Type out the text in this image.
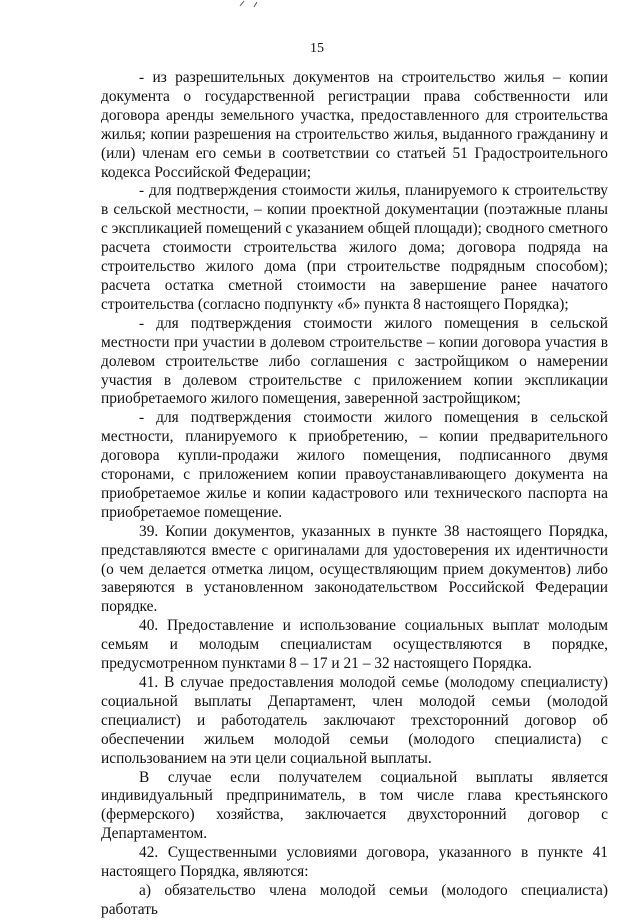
15

- из разрешительных документов на строительство жилья – копии документа о государственной регистрации права собственности или договора аренды земельного участка, предоставленного для строительства жилья; копии разрешения на строительство жилья, выданного гражданину и (или) членам его семьи в соответствии со статьей 51 Градостроительного кодекса Российской Федерации;

- для подтверждения стоимости жилья, планируемого к строительству в сельской местности, – копии проектной документации (поэтажные планы с экспликацией помещений с указанием общей площади); сводного сметного расчета стоимости строительства жилого дома; договора подряда на строительство жилого дома (при строительстве подрядным способом); расчета остатка сметной стоимости на завершение ранее начатого строительства (согласно подпункту «б» пункта 8 настоящего Порядка);

- для подтверждения стоимости жилого помещения в сельской местности при участии в долевом строительстве – копии договора участия в долевом строительстве либо соглашения с застройщиком о намерении участия в долевом строительстве с приложением копии экспликации приобретаемого жилого помещения, заверенной застройщиком;

- для подтверждения стоимости жилого помещения в сельской местности, планируемого к приобретению, – копии предварительного договора купли-продажи жилого помещения, подписанного двумя сторонами, с приложением копии правоустанавливающего документа на приобретаемое жилье и копии кадастрового или технического паспорта на приобретаемое помещение.

39. Копии документов, указанных в пункте 38 настоящего Порядка, представляются вместе с оригиналами для удостоверения их идентичности (о чем делается отметка лицом, осуществляющим прием документов) либо заверяются в установленном законодательством Российской Федерации порядке.

40. Предоставление и использование социальных выплат молодым семьям и молодым специалистам осуществляются в порядке, предусмотренном пунктами 8 – 17 и 21 – 32 настоящего Порядка.

41. В случае предоставления молодой семье (молодому специалисту) социальной выплаты Департамент, член молодой семьи (молодой специалист) и работодатель заключают трехсторонний договор об обеспечении жильем молодой семьи (молодого специалиста) с использованием на эти цели социальной выплаты.

В случае если получателем социальной выплаты является индивидуальный предприниматель, в том числе глава крестьянского (фермерского) хозяйства, заключается двухсторонний договор с Департаментом.

42. Существенными условиями договора, указанного в пункте 41 настоящего Порядка, являются:

а) обязательство члена молодой семьи (молодого специалиста) работать
